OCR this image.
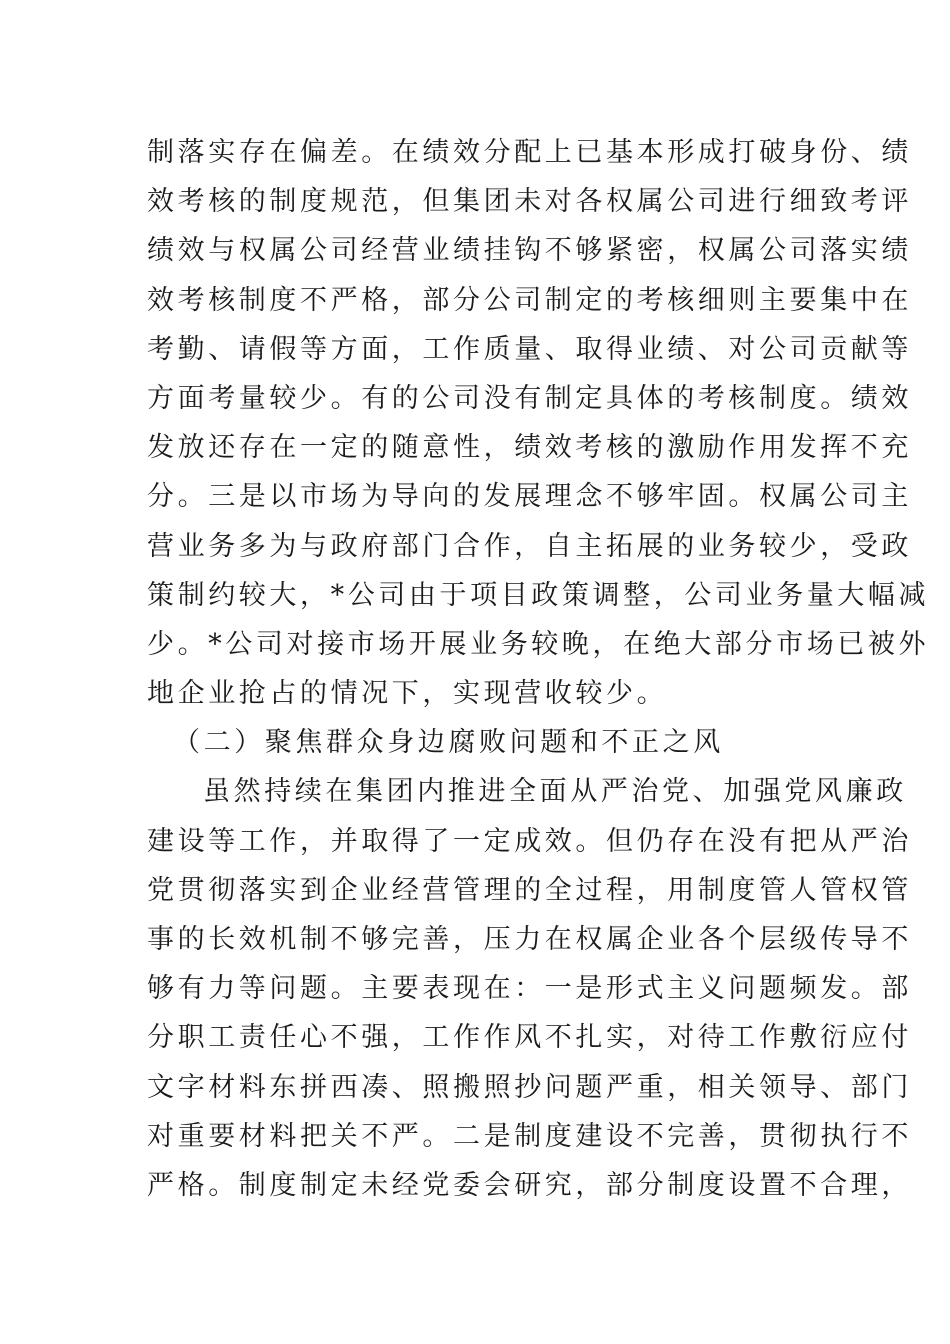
制落实存在偏差。在绩效分配上已基本形成打破身份、绩
效考核的制度规范，但集团未对各权属公司进行细致考评
绩效与权属公司经营业绩挂钩不够紧密，权属公司落实绩
效考核制度不严格，部分公司制定的考核细则主要集中在
考勤、请假等方面，工作质量、取得业绩、对公司贡献等
方面考量较少。有的公司没有制定具体的考核制度。绩效
发放还存在一定的随意性，绩效考核的激励作用发挥不充
分。三是以市场为导向的发展理念不够牢固。权属公司主
营业务多为与政府部门合作，自主拓展的业务较少，受政
策制约较大，*公司由于项目政策调整，公司业务量大幅减
少。*公司对接市场开展业务较晚，在绝大部分市场已被外
地企业抢占的情况下，实现营收较少。
（二）聚焦群众身边腐败问题和不正之风
虽然持续在集团内推进全面从严治党、加强党风廉政
建设等工作，并取得了一定成效。但仍存在没有把从严治
党贯彻落实到企业经营管理的全过程，用制度管人管权管
事的长效机制不够完善，压力在权属企业各个层级传导不
够有力等问题。主要表现在：一是形式主义问题频发。部
分职工责任心不强，工作作风不扎实，对待工作敷衍应付
文字材料东拼西凑、照搬照抄问题严重，相关领导、部门
对重要材料把关不严。二是制度建设不完善，贯彻执行不
严格。制度制定未经党委会研究，部分制度设置不合理，
